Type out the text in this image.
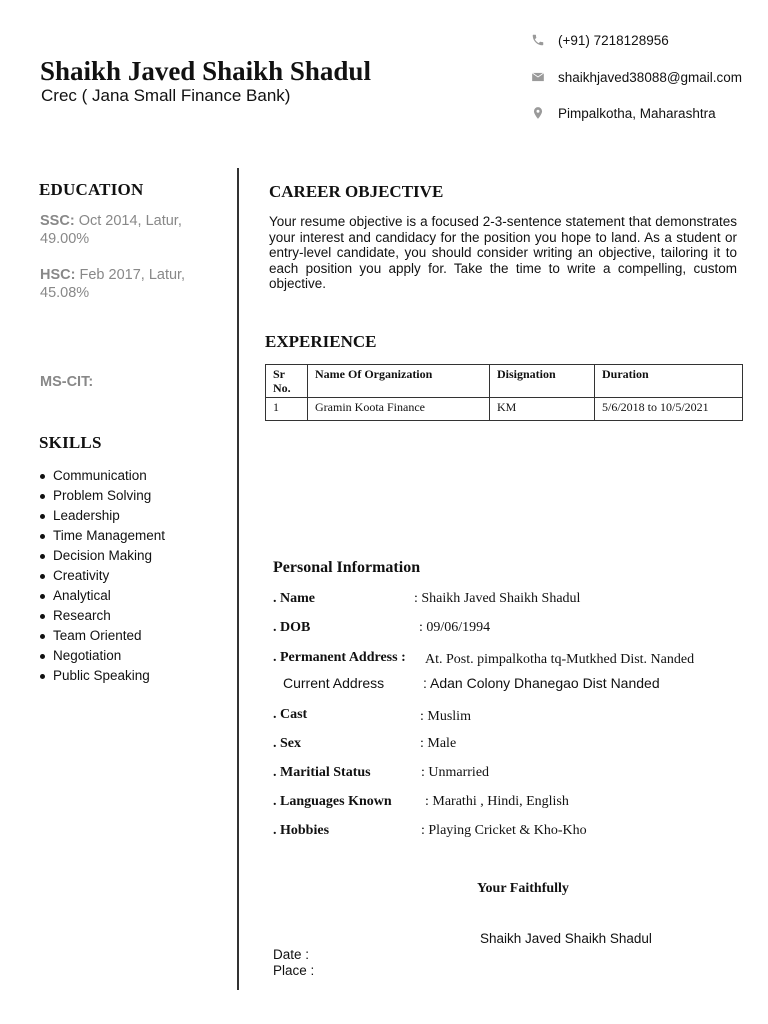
Shaikh Javed Shaikh Shadul
Crec ( Jana Small Finance Bank)
(+91) 7218128956
shaikhjaved38088@gmail.com
Pimpalkotha, Maharashtra
EDUCATION
SSC: Oct 2014, Latur, 49.00%
HSC: Feb 2017, Latur, 45.08%
MS-CIT:
SKILLS
Communication
Problem Solving
Leadership
Time Management
Decision Making
Creativity
Analytical
Research
Team Oriented
Negotiation
Public Speaking
CAREER OBJECTIVE
Your resume objective is a focused 2-3-sentence statement that demonstrates your interest and candidacy for the position you hope to land. As a student or entry-level candidate, you should consider writing an objective, tailoring it to each position you apply for. Take the time to write a compelling, custom objective.
EXPERIENCE
Sr No.	Name Of Organization	Disignation	Duration
1	Gramin Koota Finance	KM	5/6/2018 to 10/5/2021
Personal Information
. Name	: Shaikh Javed Shaikh Shadul
. DOB	: 09/06/1994
. Permanent Address : At. Post. pimpalkotha tq-Mutkhed Dist. Nanded
Current Address	: Adan Colony Dhanegao Dist Nanded
. Cast	: Muslim
. Sex	: Male
. Maritial Status	: Unmarried
. Languages Known : Marathi , Hindi, English
. Hobbies	: Playing Cricket & Kho-Kho
Your Faithfully
Shaikh Javed Shaikh Shadul
Date :
Place :
